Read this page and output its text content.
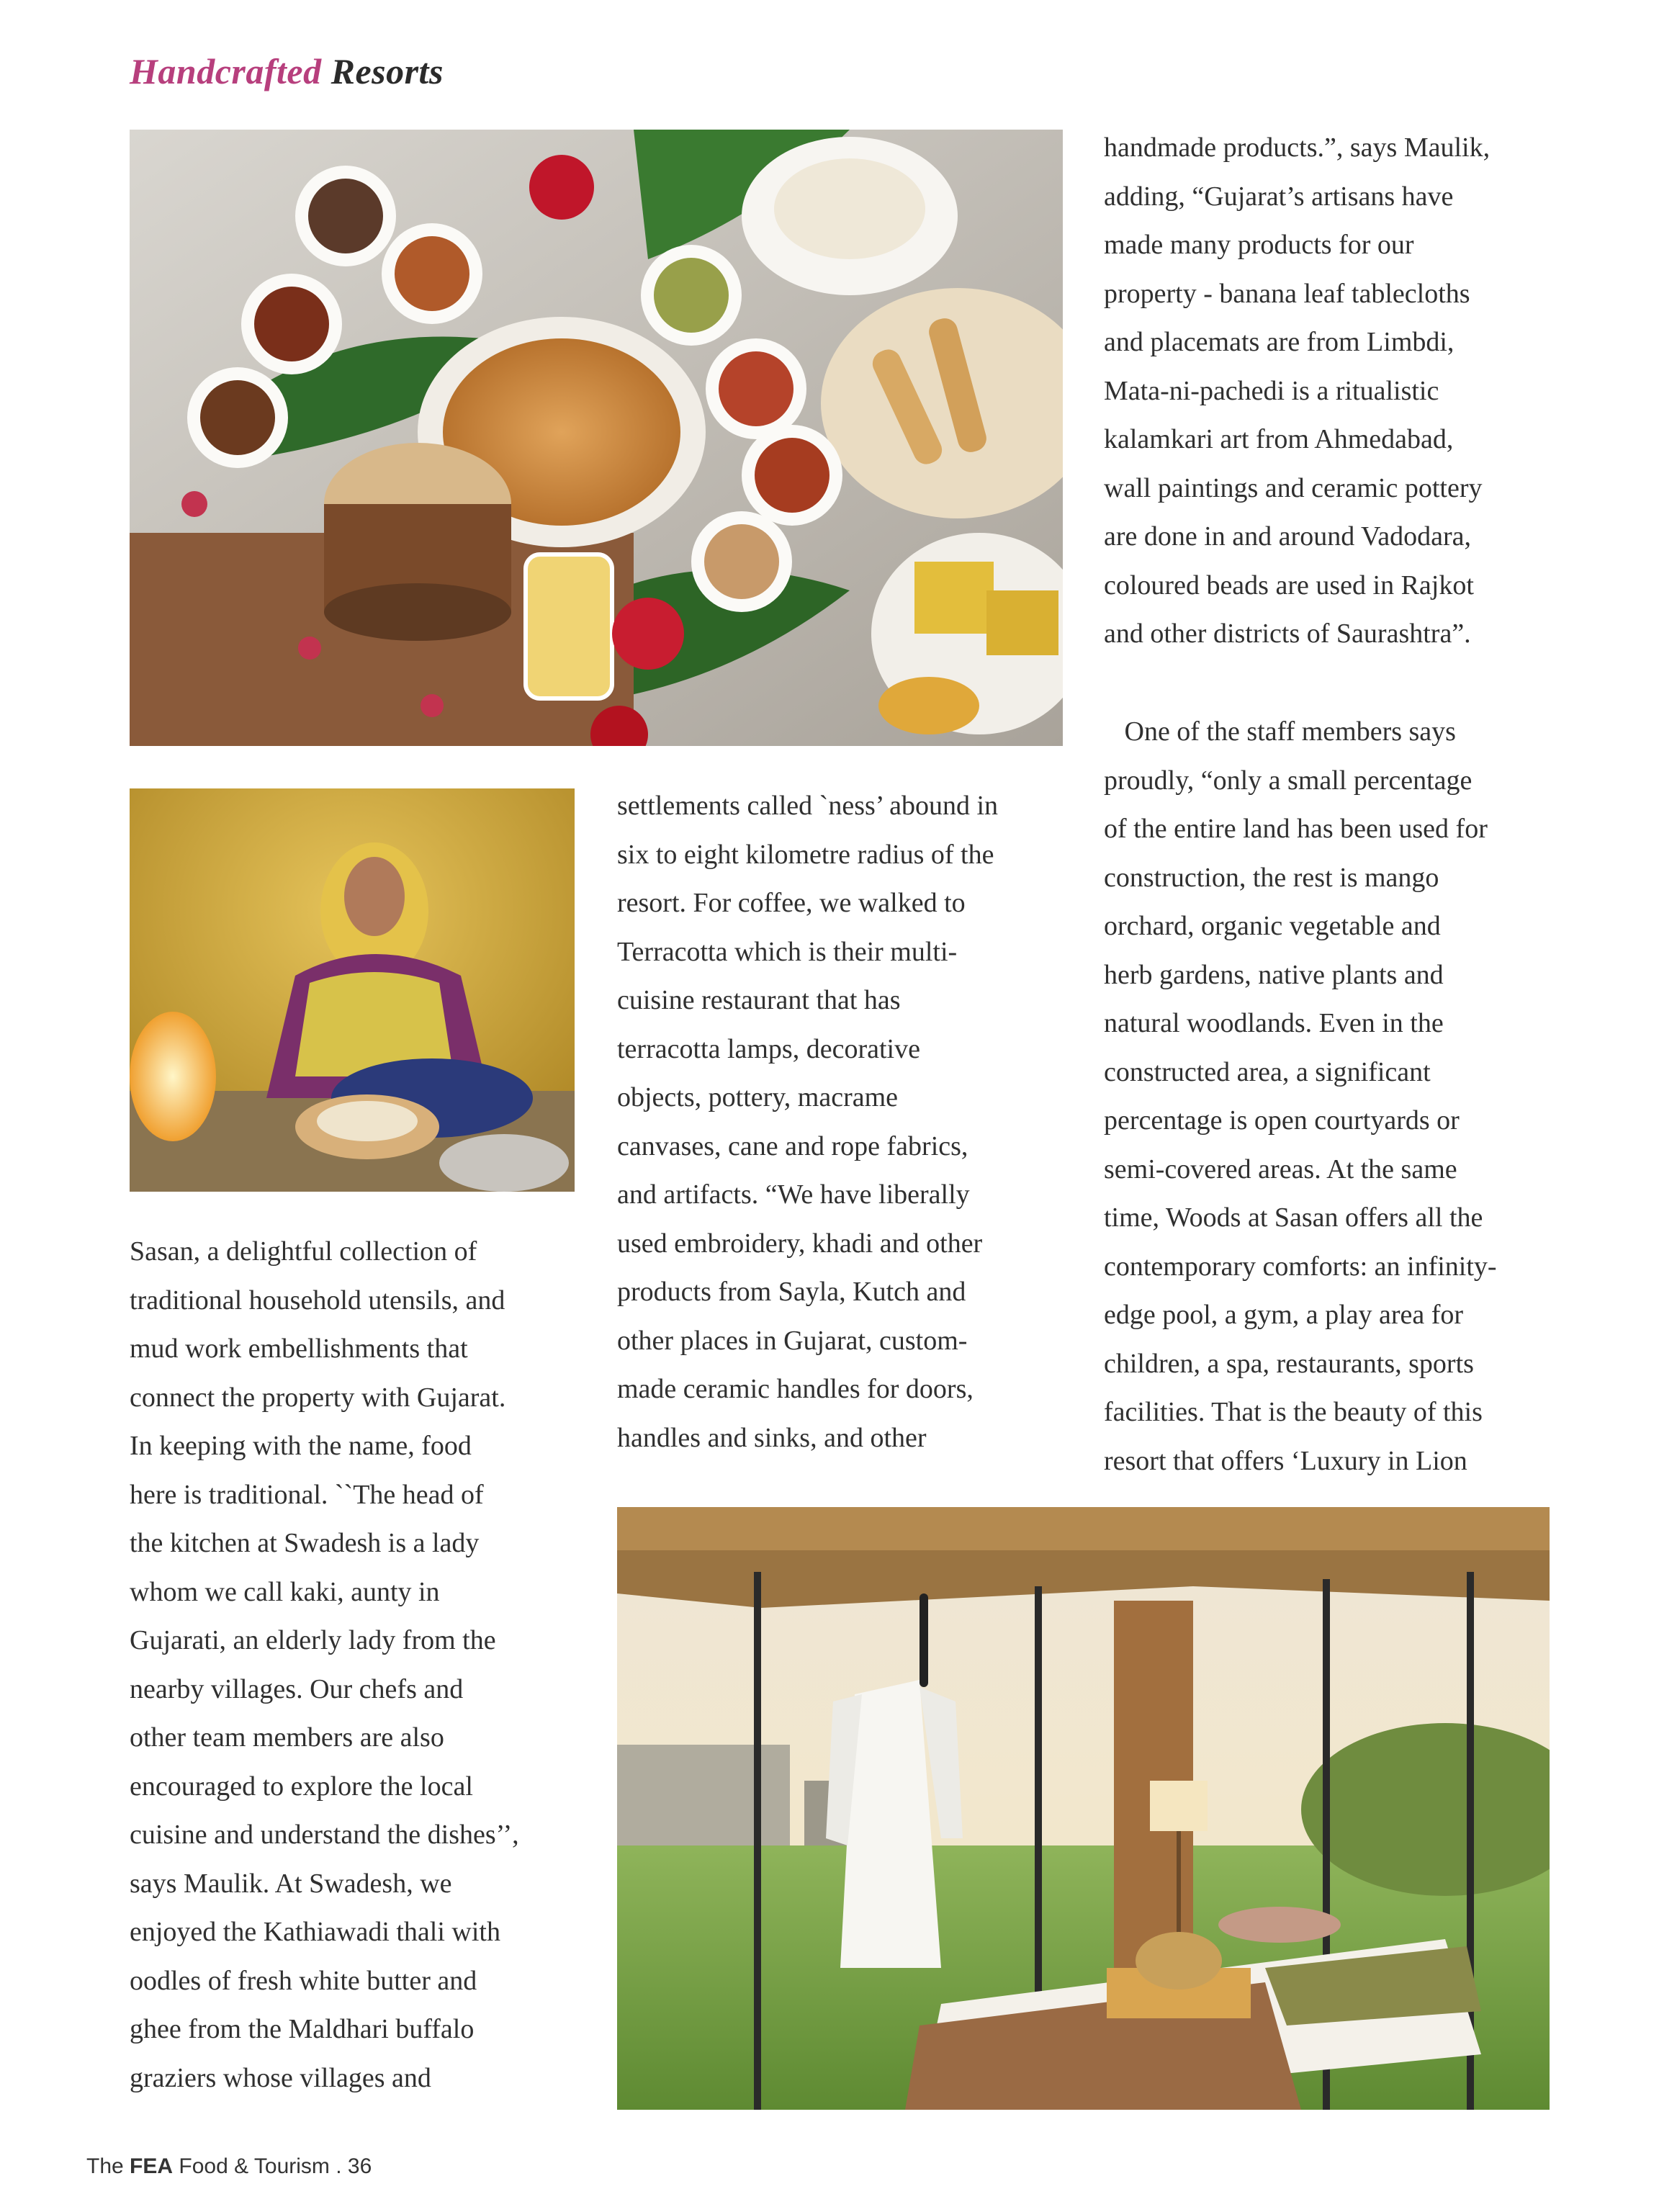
Handcrafted Resorts
handmade products.”, says Maulik,
adding, “Gujarat’s artisans have
made many products for our
property - banana leaf tablecloths
and placemats are from Limbdi,
Mata-ni-pachedi is a ritualistic
kalamkari art from Ahmedabad,
wall paintings and ceramic pottery
are done in and around Vadodara,
coloured beads are used in Rajkot
and other districts of Saurashtra”.
One of the staff members says
proudly, “only a small percentage
of the entire land has been used for
construction, the rest is mango
orchard, organic vegetable and
herb gardens, native plants and
natural woodlands. Even in the
constructed area, a significant
percentage is open courtyards or
semi-covered areas. At the same
time, Woods at Sasan offers all the
contemporary comforts: an infinity-
edge pool, a gym, a play area for
children, a spa, restaurants, sports
facilities. That is the beauty of this
resort that offers ‘Luxury in Lion
settlements called `ness’ abound in
six to eight kilometre radius of the
resort. For coffee, we walked to
Terracotta which is their multi-
cuisine restaurant that has
terracotta lamps, decorative
objects, pottery, macrame
canvases, cane and rope fabrics,
and artifacts. “We have liberally
used embroidery, khadi and other
products from Sayla, Kutch and
other places in Gujarat, custom-
made ceramic handles for doors,
handles and sinks, and other
Sasan, a delightful collection of
traditional household utensils, and
mud work embellishments that
connect the property with Gujarat.
In keeping with the name, food
here is traditional. ``The head of
the kitchen at Swadesh is a lady
whom we call kaki, aunty in
Gujarati, an elderly lady from the
nearby villages. Our chefs and
other team members are also
encouraged to explore the local
cuisine and understand the dishes’’,
says Maulik. At Swadesh, we
enjoyed the Kathiawadi thali with
oodles of fresh white butter and
ghee from the Maldhari buffalo
graziers whose villages and
The FEA Food & Tourism . 36
